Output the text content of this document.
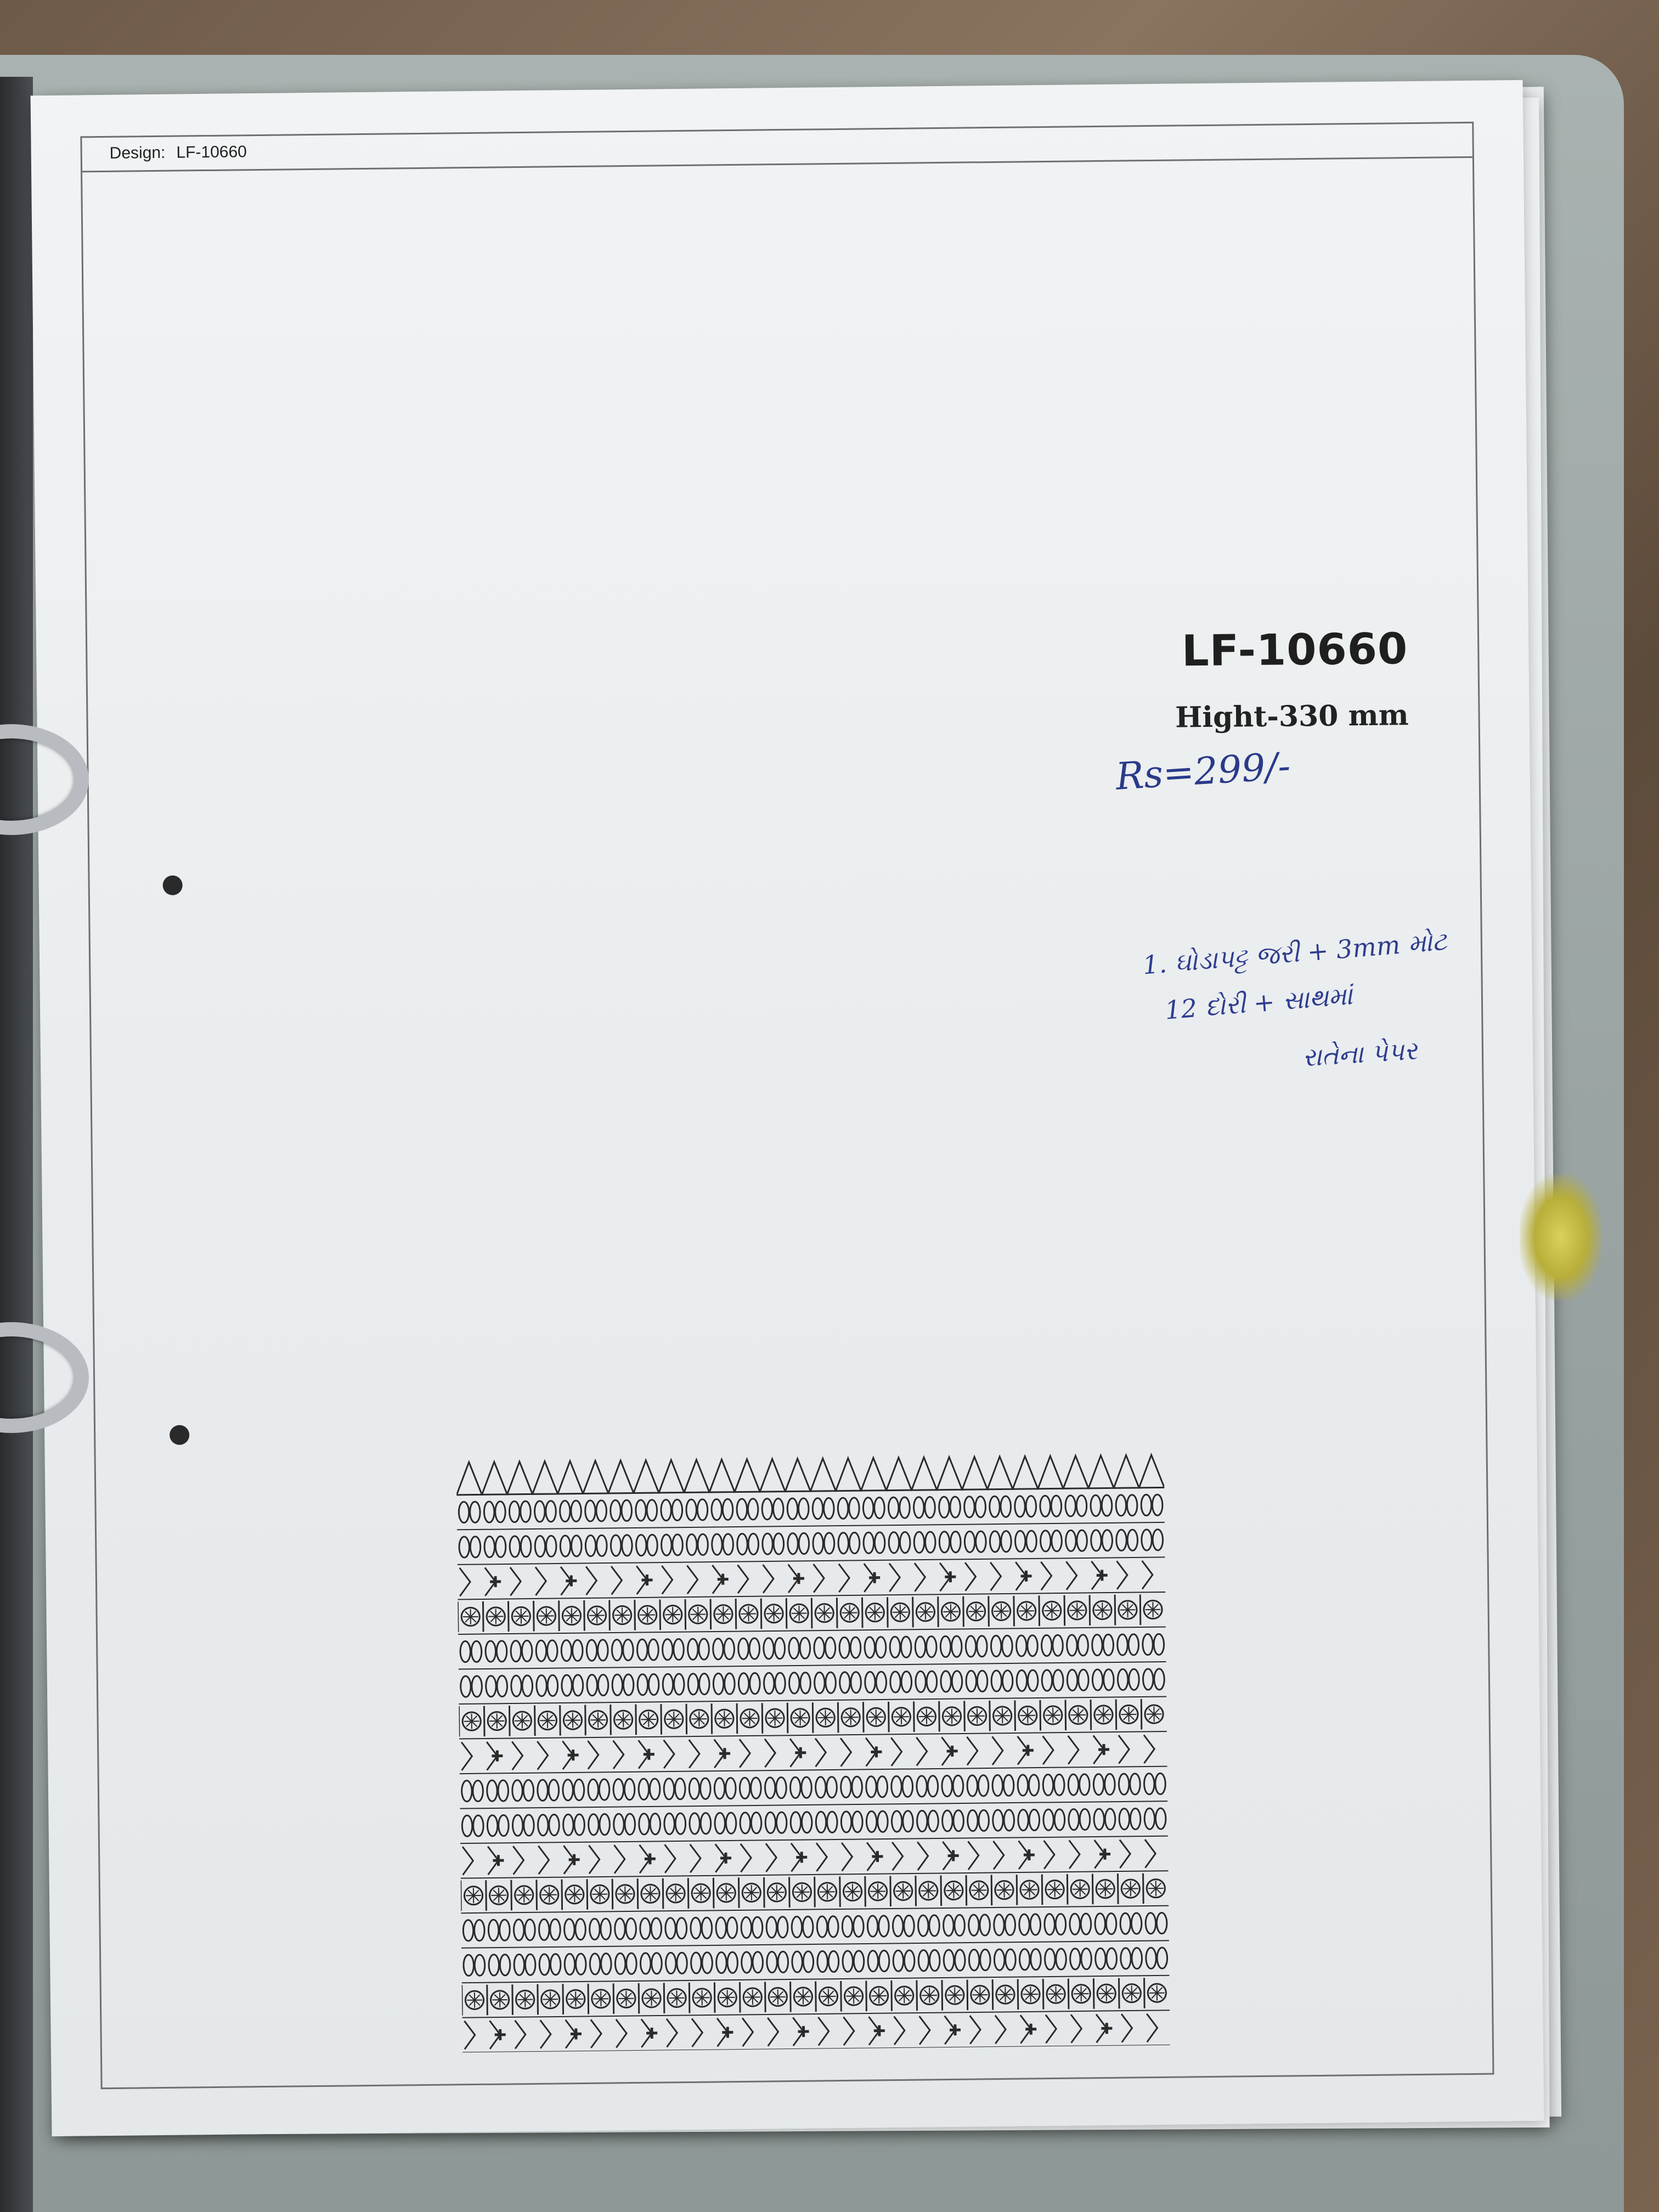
Design: LF-10660
LF-10660
Hight-330 mm
Rs=299/-
1. ઘોડાપટ્ટ જરી + 3mm મોટ
12 દોરી + સાથમાં
રાતેના પેપર
